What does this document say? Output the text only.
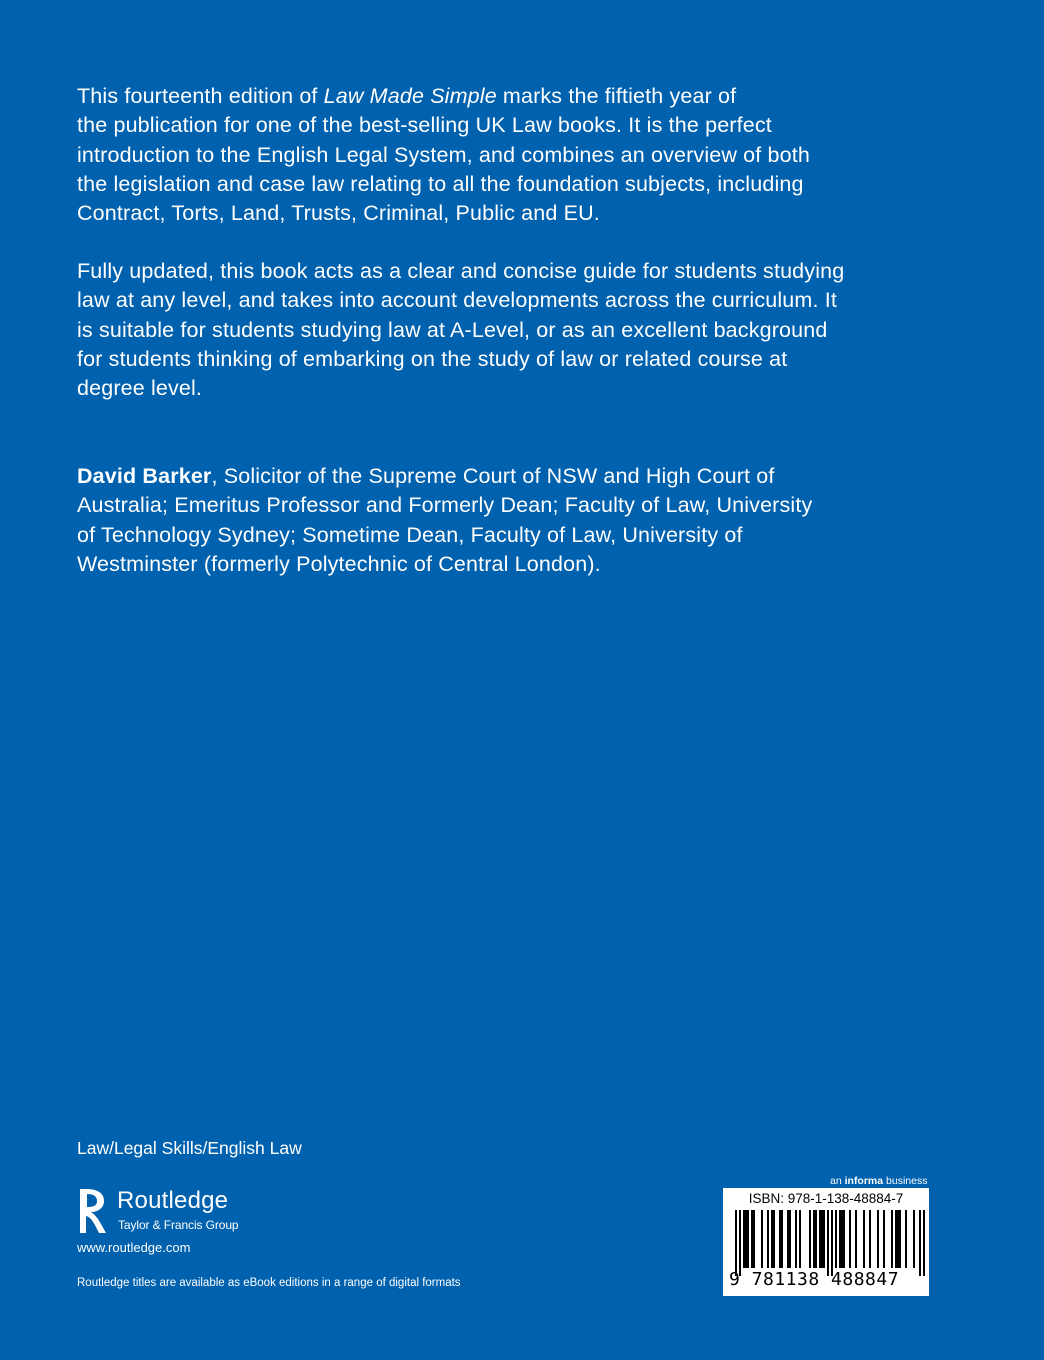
This fourteenth edition of Law Made Simple marks the fiftieth year of
the publication for one of the best-selling UK Law books. It is the perfect
introduction to the English Legal System, and combines an overview of both
the legislation and case law relating to all the foundation subjects, including
Contract, Torts, Land, Trusts, Criminal, Public and EU.
Fully updated, this book acts as a clear and concise guide for students studying
law at any level, and takes into account developments across the curriculum. It
is suitable for students studying law at A-Level, or as an excellent background
for students thinking of embarking on the study of law or related course at
degree level.
David Barker, Solicitor of the Supreme Court of NSW and High Court of
Australia; Emeritus Professor and Formerly Dean; Faculty of Law, University
of Technology Sydney; Sometime Dean, Faculty of Law, University of
Westminster (formerly Polytechnic of Central London).
Law/Legal Skills/English Law
Routledge
Taylor & Francis Group
www.routledge.com
Routledge titles are available as eBook editions in a range of digital formats
an informa business
ISBN: 978-1-138-48884-7
9 781138 488847
